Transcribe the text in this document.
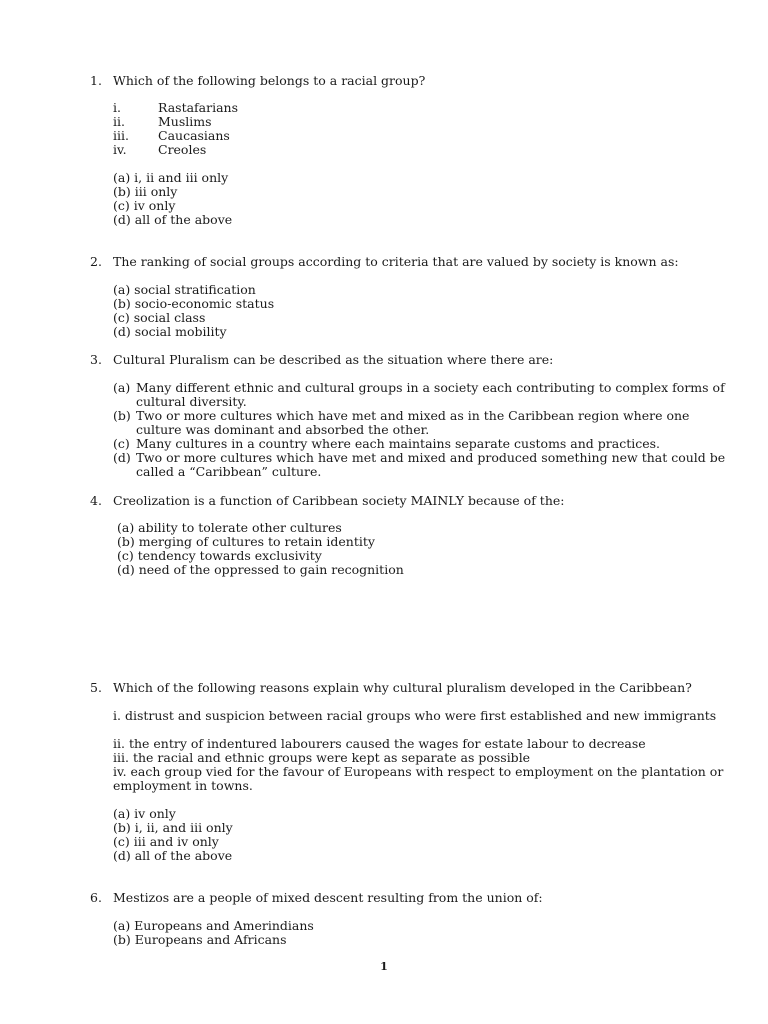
1. Which of the following belongs to a racial group?
i.	Rastafarians
ii.	Muslims
iii. Caucasians
iv.	Creoles
(a) i, ii and iii only
(b) iii only
(c) iv only
(d) all of the above
2. The ranking of social groups according to criteria that are valued by society is known as:
(a) social stratification
(b) socio-economic status
(c) social class
(d) social mobility
3. Cultural Pluralism can be described as the situation where there are:
(a) Many different ethnic and cultural groups in a society each contributing to complex forms of
cultural diversity.
(b) Two or more cultures which have met and mixed as in the Caribbean region where one
culture was dominant and absorbed the other.
(c) Many cultures in a country where each maintains separate customs and practices.
(d) Two or more cultures which have met and mixed and produced something new that could be
called a “Caribbean” culture.
4. Creolization is a function of Caribbean society MAINLY because of the:
(a) ability to tolerate other cultures
(b) merging of cultures to retain identity
(c) tendency towards exclusivity
(d) need of the oppressed to gain recognition
5. Which of the following reasons explain why cultural pluralism developed in the Caribbean?
i. distrust and suspicion between racial groups who were first established and new immigrants
ii. the entry of indentured labourers caused the wages for estate labour to decrease
iii. the racial and ethnic groups were kept as separate as possible
iv. each group vied for the favour of Europeans with respect to employment on the plantation or
employment in towns.
(a) iv only
(b) i, ii, and iii only
(c) iii and iv only
(d) all of the above
6. Mestizos are a people of mixed descent resulting from the union of:
(a) Europeans and Amerindians
(b) Europeans and Africans
1
